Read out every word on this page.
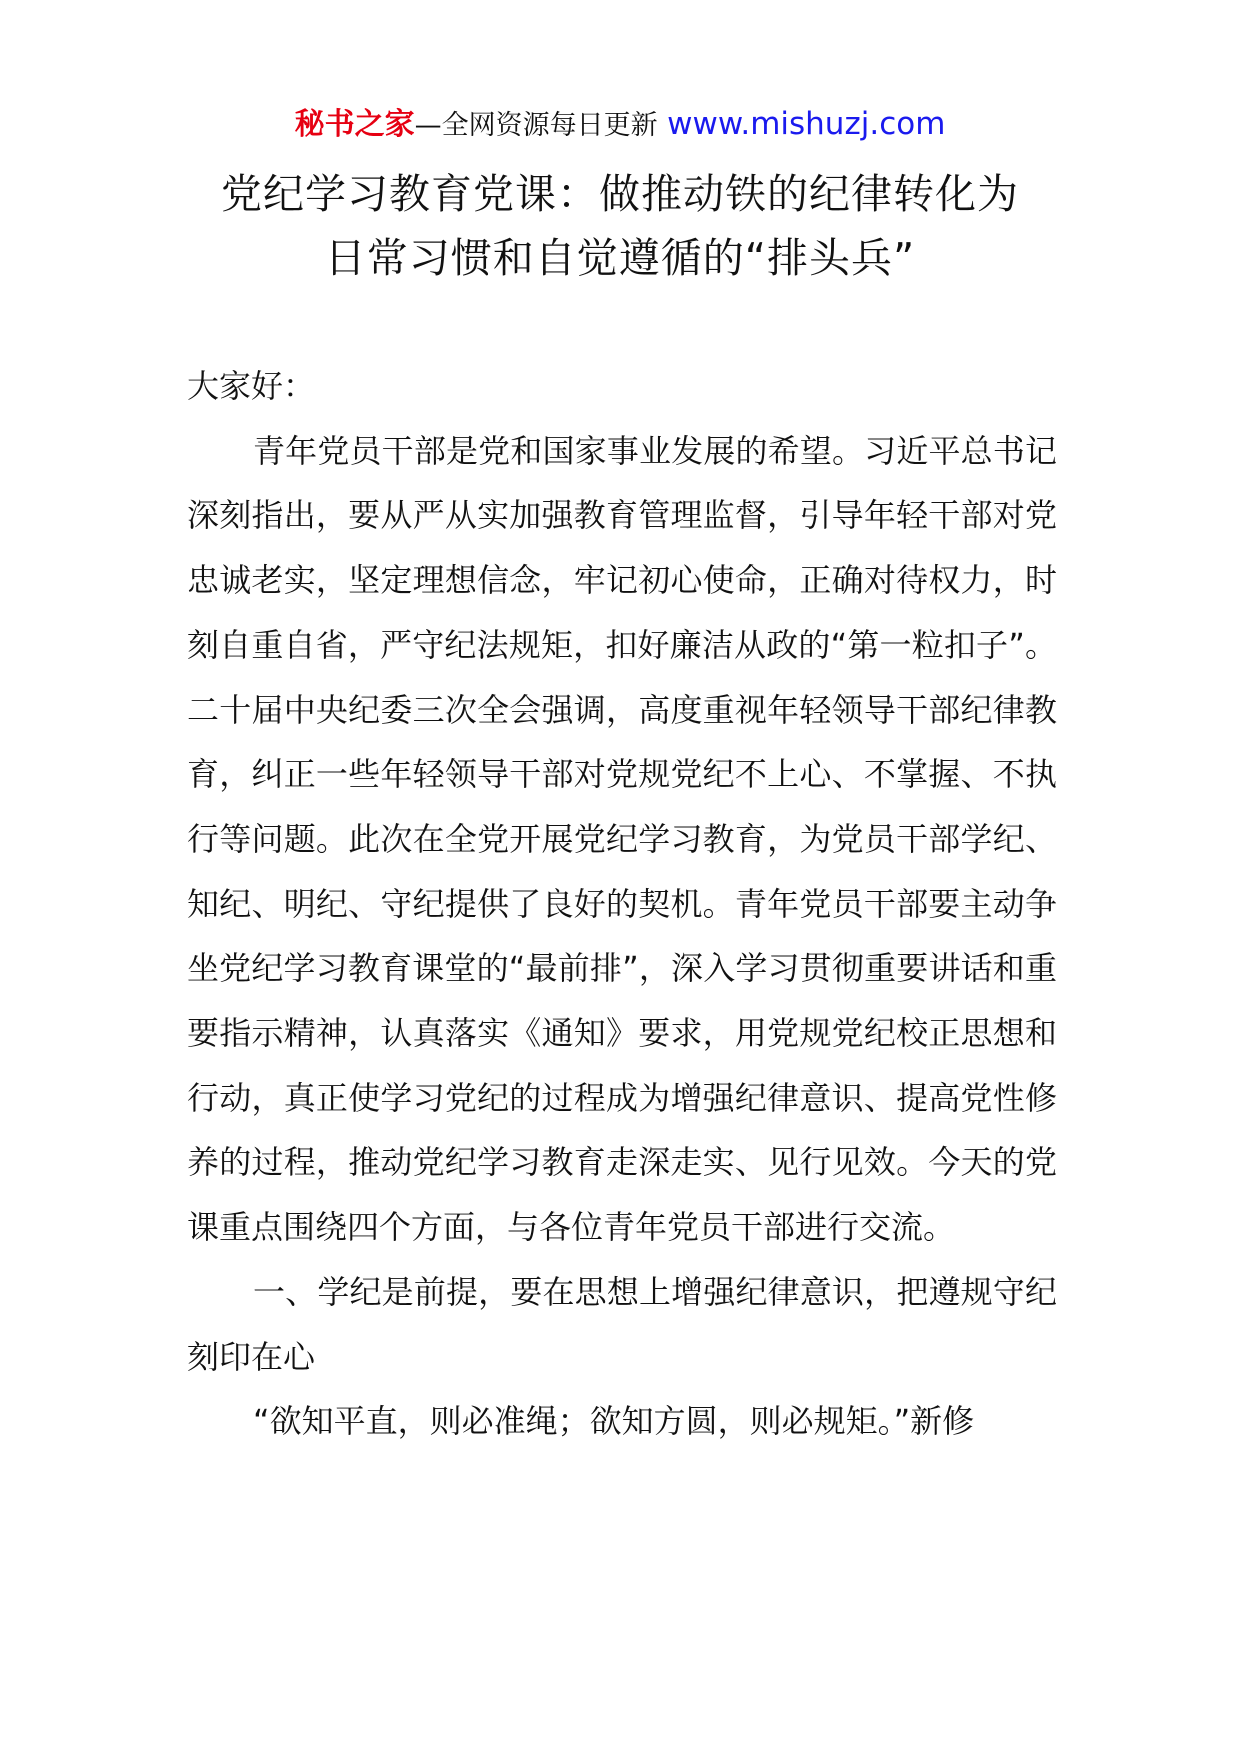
秘书之家—全网资源每日更新 www.mishuzj.com
党纪学习教育党课：做推动铁的纪律转化为
日常习惯和自觉遵循的“排头兵”

大家好：

青年党员干部是党和国家事业发展的希望。习近平总书记深刻指出，要从严从实加强教育管理监督，引导年轻干部对党忠诚老实，坚定理想信念，牢记初心使命，正确对待权力，时刻自重自省，严守纪法规矩，扣好廉洁从政的“第一粒扣子”。二十届中央纪委三次全会强调，高度重视年轻领导干部纪律教育，纠正一些年轻领导干部对党规党纪不上心、不掌握、不执行等问题。此次在全党开展党纪学习教育，为党员干部学纪、知纪、明纪、守纪提供了良好的契机。青年党员干部要主动争坐党纪学习教育课堂的“最前排”，深入学习贯彻重要讲话和重要指示精神，认真落实《通知》要求，用党规党纪校正思想和行动，真正使学习党纪的过程成为增强纪律意识、提高党性修养的过程，推动党纪学习教育走深走实、见行见效。今天的党课重点围绕四个方面，与各位青年党员干部进行交流。

一、学纪是前提，要在思想上增强纪律意识，把遵规守纪刻印在心

“欲知平直，则必准绳；欲知方圆，则必规矩。”新修
